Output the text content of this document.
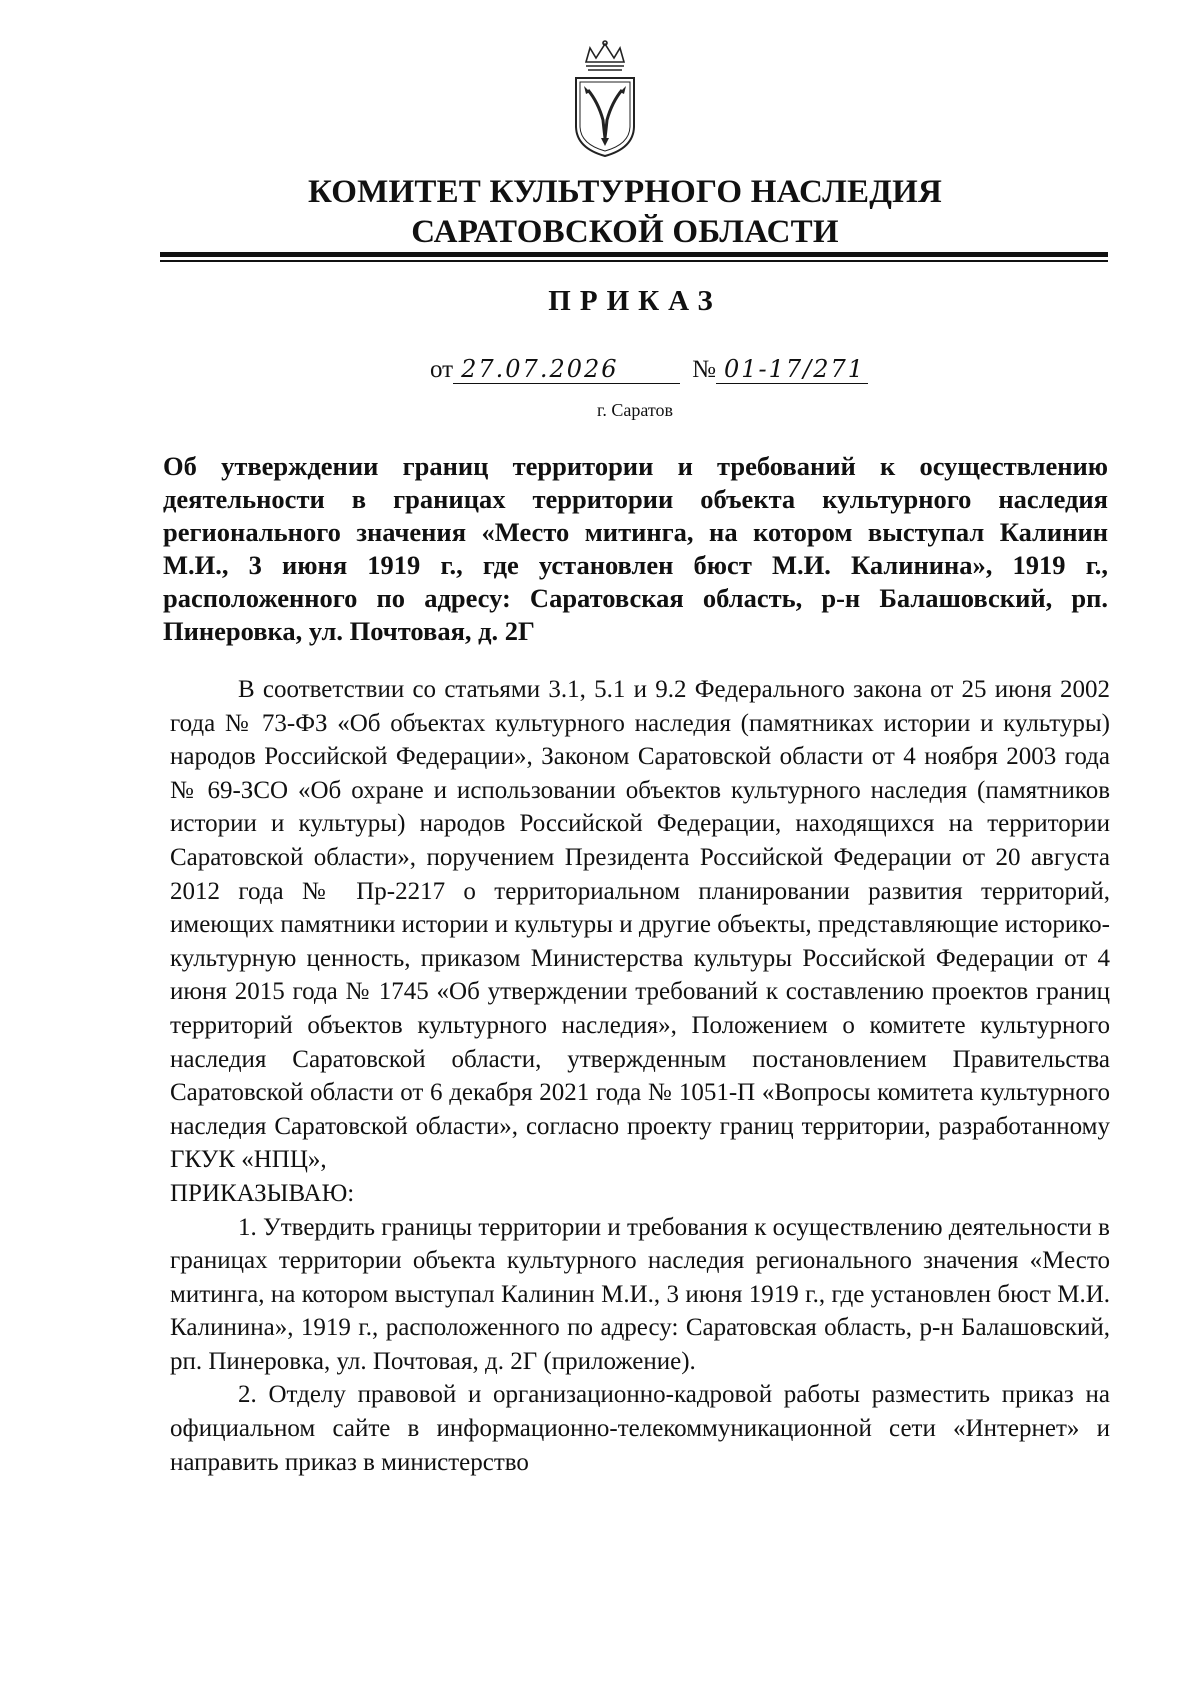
КОМИТЕТ КУЛЬТУРНОГО НАСЛЕДИЯ
САРАТОВСКОЙ ОБЛАСТИ
ПРИКАЗ
от 27.07.2026	№ 01-17/271
г. Саратов
Об утверждении границ территории и требований к осуществлению деятельности в границах территории объекта культурного наследия регионального значения «Место митинга, на котором выступал Калинин М.И., 3 июня 1919 г., где установлен бюст М.И. Калинина», 1919 г., расположенного по адресу: Саратовская область, р-н Балашовский, рп. Пинеровка, ул. Почтовая, д. 2Г

В соответствии со статьями 3.1, 5.1 и 9.2 Федерального закона от 25 июня 2002 года № 73-ФЗ «Об объектах культурного наследия (памятниках истории и культуры) народов Российской Федерации», Законом Саратовской области от 4 ноября 2003 года № 69-ЗСО «Об охране и использовании объектов культурного наследия (памятников истории и культуры) народов Российской Федерации, находящихся на территории Саратовской области», поручением Президента Российской Федерации от 20 августа 2012 года № Пр-2217 о территориальном планировании развития территорий, имеющих памятники истории и культуры и другие объекты, представляющие историко-культурную ценность, приказом Министерства культуры Российской Федерации от 4 июня 2015 года № 1745 «Об утверждении требований к составлению проектов границ территорий объектов культурного наследия», Положением о комитете культурного наследия Саратовской области, утвержденным постановлением Правительства Саратовской области от 6 декабря 2021 года № 1051-П «Вопросы комитета культурного наследия Саратовской области», согласно проекту границ территории, разработанному ГКУК «НПЦ»,

ПРИКАЗЫВАЮ:

1. Утвердить границы территории и требования к осуществлению деятельности в границах территории объекта культурного наследия регионального значения «Место митинга, на котором выступал Калинин М.И., 3 июня 1919 г., где установлен бюст М.И. Калинина», 1919 г., расположенного по адресу: Саратовская область, р-н Балашовский, рп. Пинеровка, ул. Почтовая, д. 2Г (приложение).

2. Отделу правовой и организационно-кадровой работы разместить приказ на официальном сайте в информационно-телекоммуникационной сети «Интернет» и направить приказ в министерство
